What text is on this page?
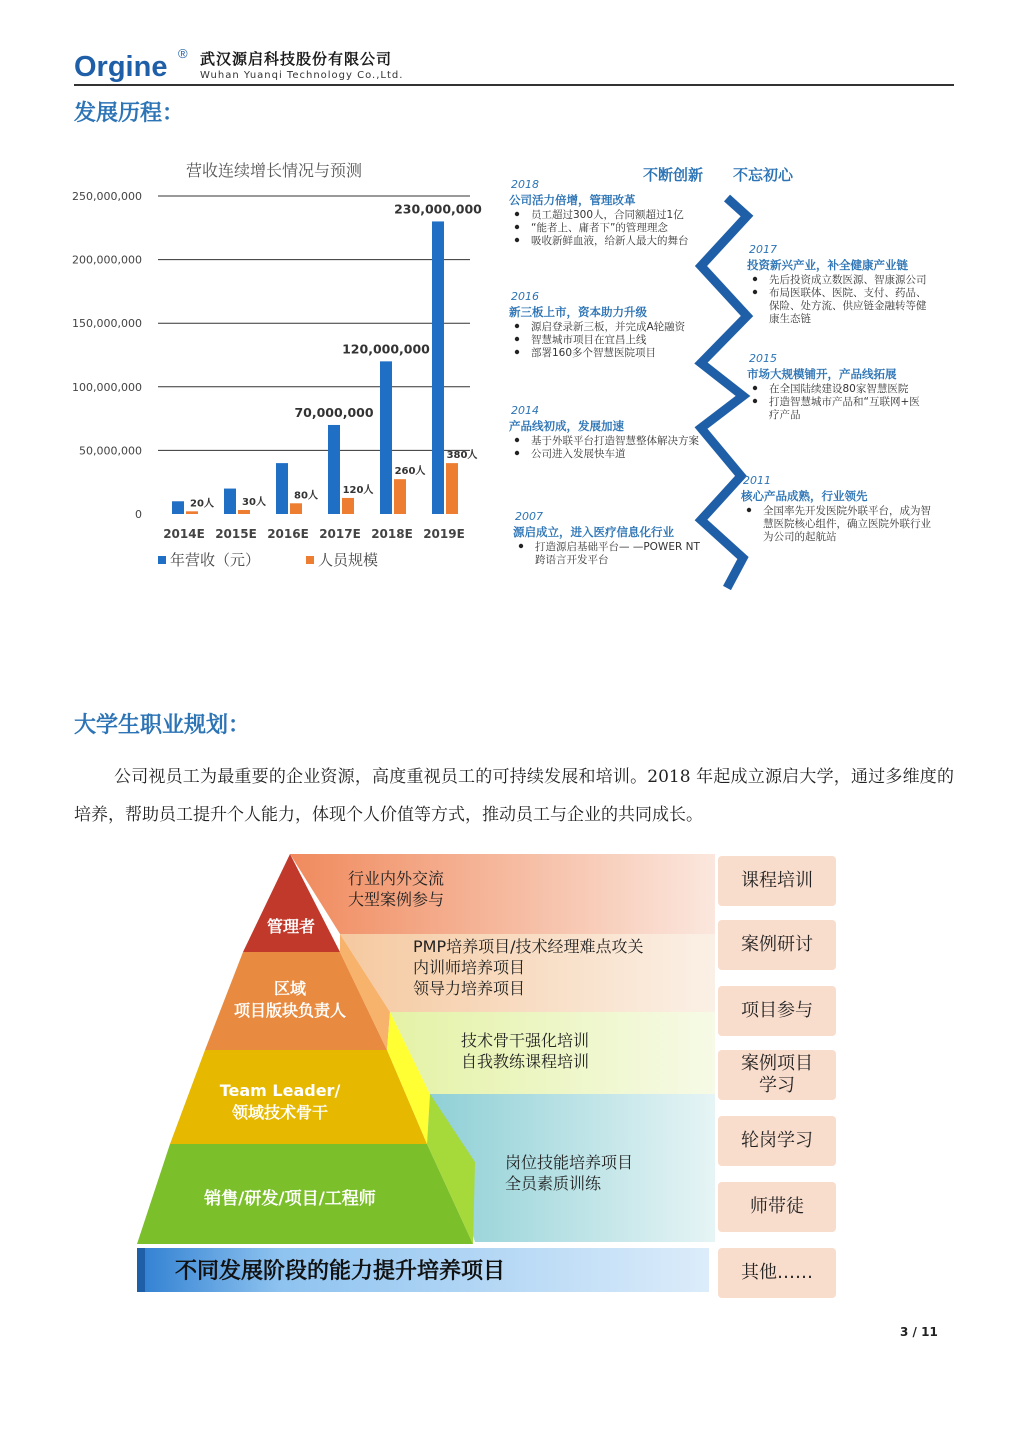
Orgine ® 武汉源启科技股份有限公司
Wuhan Yuanqi Technology Co.,Ltd.
发展历程：
营收连续增长情况与预测
250,000,000
200,000,000
150,000,000
100,000,000
50,000,000
0
20人	30人
80人
70,000,000
120人
120,000,000
260人
230,000,000
380人
2014E 2015E 2016E 2017E 2018E 2019E
年营收（元）	人员规模
不断创新 不忘初心
2018
公司活力倍增，管理改革
员工超过300人，合同额超过1亿
“能者上、庸者下”的管理理念
吸收新鲜血液，给新人最大的舞台
2017
投资新兴产业，补全健康产业链
先后投资成立数医源、智康源公司
布局医联体、医院、支付、药品、
保险、处方流、供应链金融转等健
康生态链
2016
新三板上市，资本助力升级
源启登录新三板，并完成A轮融资
智慧城市项目在宜昌上线
部署160多个智慧医院项目	2015
市场大规模铺开，产品线拓展
在全国陆续建设80家智慧医院
打造智慧城市产品和“互联网+医
疗产品
2014
产品线初成，发展加速
基于外联平台打造智慧整体解决方案
公司进入发展快车道
2011
核心产品成熟，行业领先
全国率先开发医院外联平台，成为智
慧医院核心组件，确立医院外联行业
为公司的起航站
2007
源启成立，进入医疗信息化行业
打造源启基础平台— —POWER NT
跨语言开发平台
大学生职业规划：
公司视员工为最重要的企业资源，高度重视员工的可持续发展和培训。2018 年起成立源启大学，通过多维度的培养，帮助员工提升个人能力，体现个人价值等方式，推动员工与企业的共同成长。
管理者
区域
项目版块负责人
Team Leader/
领域技术骨干
销售/研发/项目/工程师
行业内外交流
大型案例参与
PMP培养项目/技术经理难点攻关
内训师培养项目
领导力培养项目
技术骨干强化培训
自我教练课程培训
岗位技能培养项目
全员素质训练
不同发展阶段的能力提升培养项目
课程培训
案例研讨
项目参与
案例项目
学习
轮岗学习
师带徒
其他……
3 / 11
